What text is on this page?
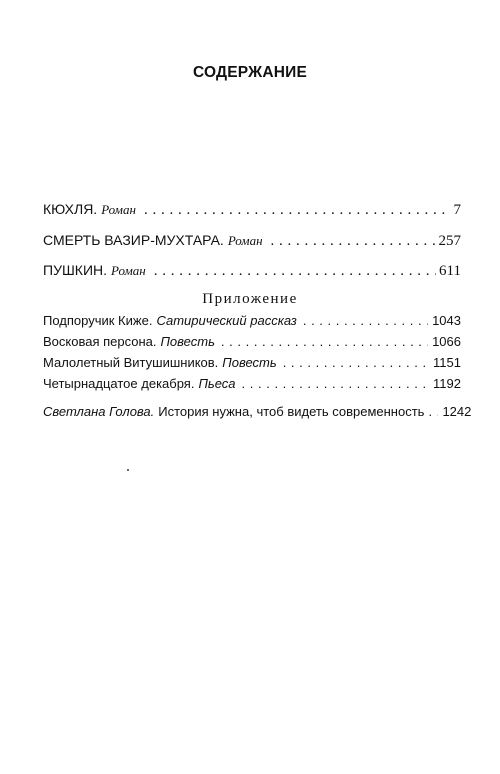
СОДЕРЖАНИЕ
КЮХЛЯ. Роман . . .	7
СМЕРТЬ ВАЗИР-МУХТАРА. Роман . . .	257
ПУШКИН. Роман . . .	611
Приложение
Подпоручик Киже. Сатирический рассказ . . .	1043
Восковая персона. Повесть . . .	1066
Малолетный Витушишников. Повесть . . .	1151
Четырнадцатое декабря. Пьеса . . .	1192
Светлана Голова. История нужна, чтоб видеть современность . . . 1242
